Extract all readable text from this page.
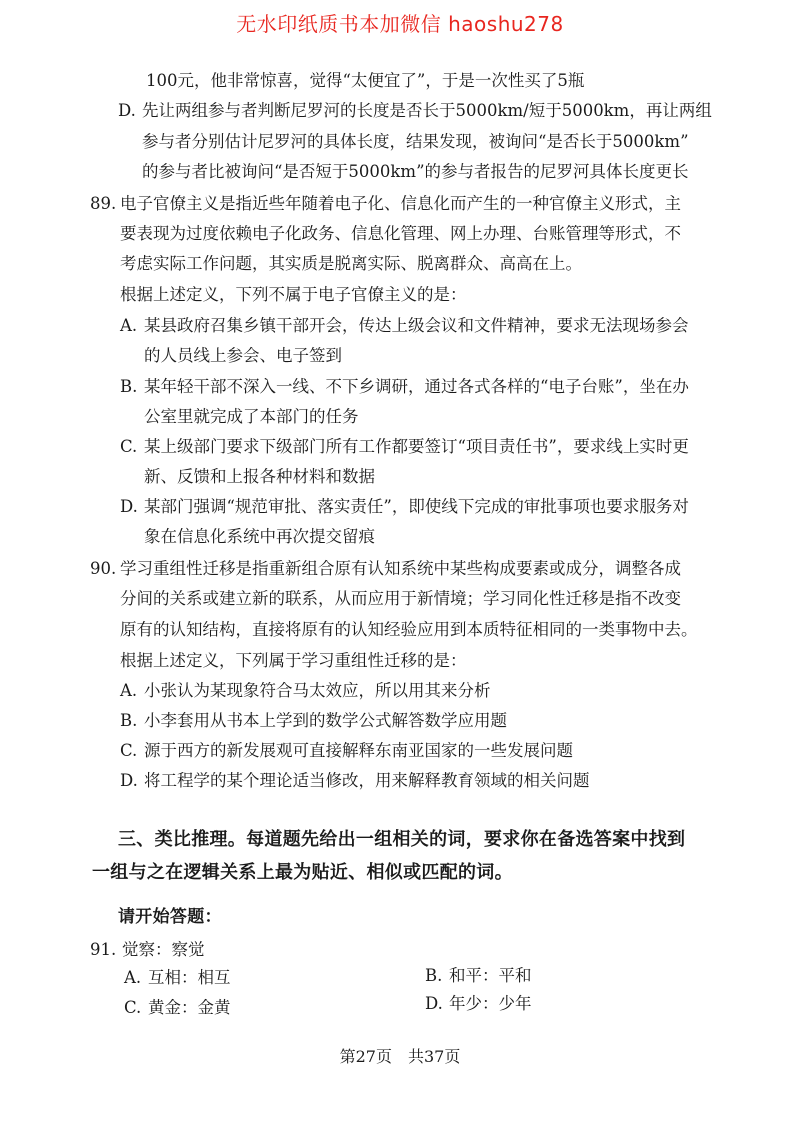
无水印纸质书本加微信 haoshu278
100元，他非常惊喜，觉得“太便宜了”，于是一次性买了5瓶
D. 先让两组参与者判断尼罗河的长度是否长于5000km/短于5000km，再让两组
参与者分别估计尼罗河的具体长度，结果发现，被询问“是否长于5000km”
的参与者比被询问“是否短于5000km”的参与者报告的尼罗河具体长度更长
89. 电子官僚主义是指近些年随着电子化、信息化而产生的一种官僚主义形式，主
要表现为过度依赖电子化政务、信息化管理、网上办理、台账管理等形式，不
考虑实际工作问题，其实质是脱离实际、脱离群众、高高在上。
根据上述定义，下列不属于电子官僚主义的是：
A. 某县政府召集乡镇干部开会，传达上级会议和文件精神，要求无法现场参会
的人员线上参会、电子签到
B. 某年轻干部不深入一线、不下乡调研，通过各式各样的“电子台账”，坐在办
公室里就完成了本部门的任务
C. 某上级部门要求下级部门所有工作都要签订“项目责任书”，要求线上实时更
新、反馈和上报各种材料和数据
D. 某部门强调“规范审批、落实责任”，即使线下完成的审批事项也要求服务对
象在信息化系统中再次提交留痕
90. 学习重组性迁移是指重新组合原有认知系统中某些构成要素或成分，调整各成
分间的关系或建立新的联系，从而应用于新情境；学习同化性迁移是指不改变
原有的认知结构，直接将原有的认知经验应用到本质特征相同的一类事物中去。
根据上述定义，下列属于学习重组性迁移的是：
A. 小张认为某现象符合马太效应，所以用其来分析
B. 小李套用从书本上学到的数学公式解答数学应用题
C. 源于西方的新发展观可直接解释东南亚国家的一些发展问题
D. 将工程学的某个理论适当修改，用来解释教育领域的相关问题
三、类比推理。每道题先给出一组相关的词，要求你在备选答案中找到
一组与之在逻辑关系上最为贴近、相似或匹配的词。
请开始答题：
91. 觉察：察觉
A. 互相：相互	B. 和平：平和
C. 黄金：金黄	D. 年少：少年
第27页　共37页
